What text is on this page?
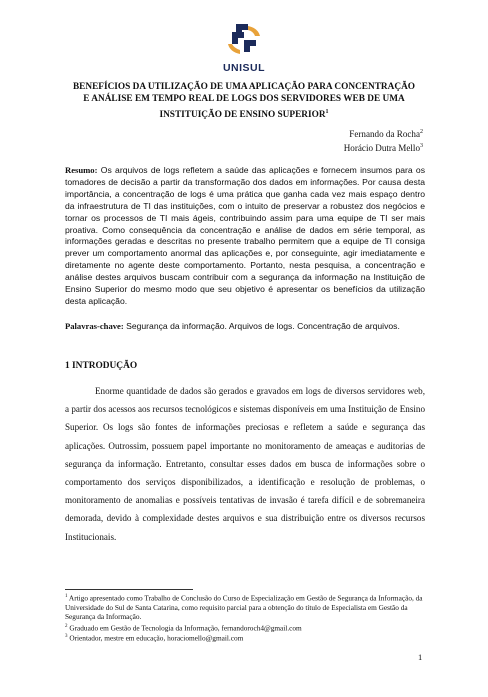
UNISUL
BENEFÍCIOS DA UTILIZAÇÃO DE UMA APLICAÇÃO PARA CONCENTRAÇÃO E ANÁLISE EM TEMPO REAL DE LOGS DOS SERVIDORES WEB DE UMA INSTITUIÇÃO DE ENSINO SUPERIOR$^1$
Fernando da Rocha$^2$
Horácio Dutra Mello$^3$
Resumo: Os arquivos de logs refletem a saúde das aplicações e fornecem insumos para os tomadores de decisão a partir da transformação dos dados em informações. Por causa desta importância, a concentração de logs é uma prática que ganha cada vez mais espaço dentro da infraestrutura de TI das instituições, com o intuito de preservar a robustez dos negócios e tornar os processos de TI mais ágeis, contribuindo assim para uma equipe de TI ser mais proativa. Como consequência da concentração e análise de dados em série temporal, as informações geradas e descritas no presente trabalho permitem que a equipe de TI consiga prever um comportamento anormal das aplicações e, por conseguinte, agir imediatamente e diretamente no agente deste comportamento. Portanto, nesta pesquisa, a concentração e análise destes arquivos buscam contribuir com a segurança da informação na Instituição de Ensino Superior do mesmo modo que seu objetivo é apresentar os benefícios da utilização desta aplicação.
Palavras-chave: Segurança da informação. Arquivos de logs. Concentração de arquivos.
1 INTRODUÇÃO
Enorme quantidade de dados são gerados e gravados em logs de diversos servidores web, a partir dos acessos aos recursos tecnológicos e sistemas disponíveis em uma Instituição de Ensino Superior. Os logs são fontes de informações preciosas e refletem a saúde e segurança das aplicações. Outrossim, possuem papel importante no monitoramento de ameaças e auditorias de segurança da informação. Entretanto, consultar esses dados em busca de informações sobre o comportamento dos serviços disponibilizados, a identificação e resolução de problemas, o monitoramento de anomalias e possíveis tentativas de invasão é tarefa difícil e de sobremaneira demorada, devido à complexidade destes arquivos e sua distribuição entre os diversos recursos Institucionais.
$^1$ Artigo apresentado como Trabalho de Conclusão do Curso de Especialização em Gestão de Segurança da Informação, da Universidade do Sul de Santa Catarina, como requisito parcial para a obtenção do título de Especialista em Gestão da Segurança da Informação.
$^2$ Graduado em Gestão de Tecnologia da Informação, fernandoroch4@gmail.com
$^3$ Orientador, mestre em educação, horaciomello@gmail.com
1
